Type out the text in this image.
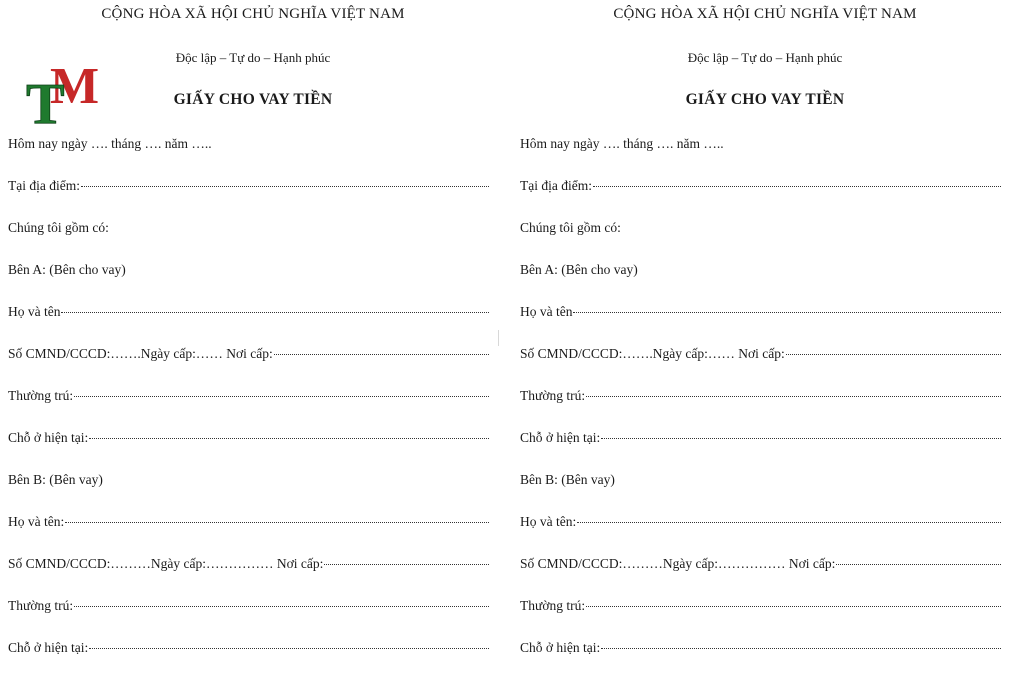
CỘNG HÒA XÃ HỘI CHỦ NGHĨA VIỆT NAM
Độc lập – Tự do – Hạnh phúc
GIẤY CHO VAY TIỀN
M
T
Hôm nay ngày …. tháng …. năm …..
Tại địa điểm:
Chúng tôi gồm có:
Bên A: (Bên cho vay)
Họ và tên
Số CMND/CCCD:…….Ngày cấp:…… Nơi cấp:
Thường trú:
Chỗ ở hiện tại:
Bên B: (Bên vay)
Họ và tên:
Số CMND/CCCD:………Ngày cấp:…………… Nơi cấp:
Thường trú:
Chỗ ở hiện tại:
CỘNG HÒA XÃ HỘI CHỦ NGHĨA VIỆT NAM
Độc lập – Tự do – Hạnh phúc
GIẤY CHO VAY TIỀN
Hôm nay ngày …. tháng …. năm …..
Tại địa điểm:
Chúng tôi gồm có:
Bên A: (Bên cho vay)
Họ và tên
Số CMND/CCCD:…….Ngày cấp:…… Nơi cấp:
Thường trú:
Chỗ ở hiện tại:
Bên B: (Bên vay)
Họ và tên:
Số CMND/CCCD:………Ngày cấp:…………… Nơi cấp:
Thường trú:
Chỗ ở hiện tại:
